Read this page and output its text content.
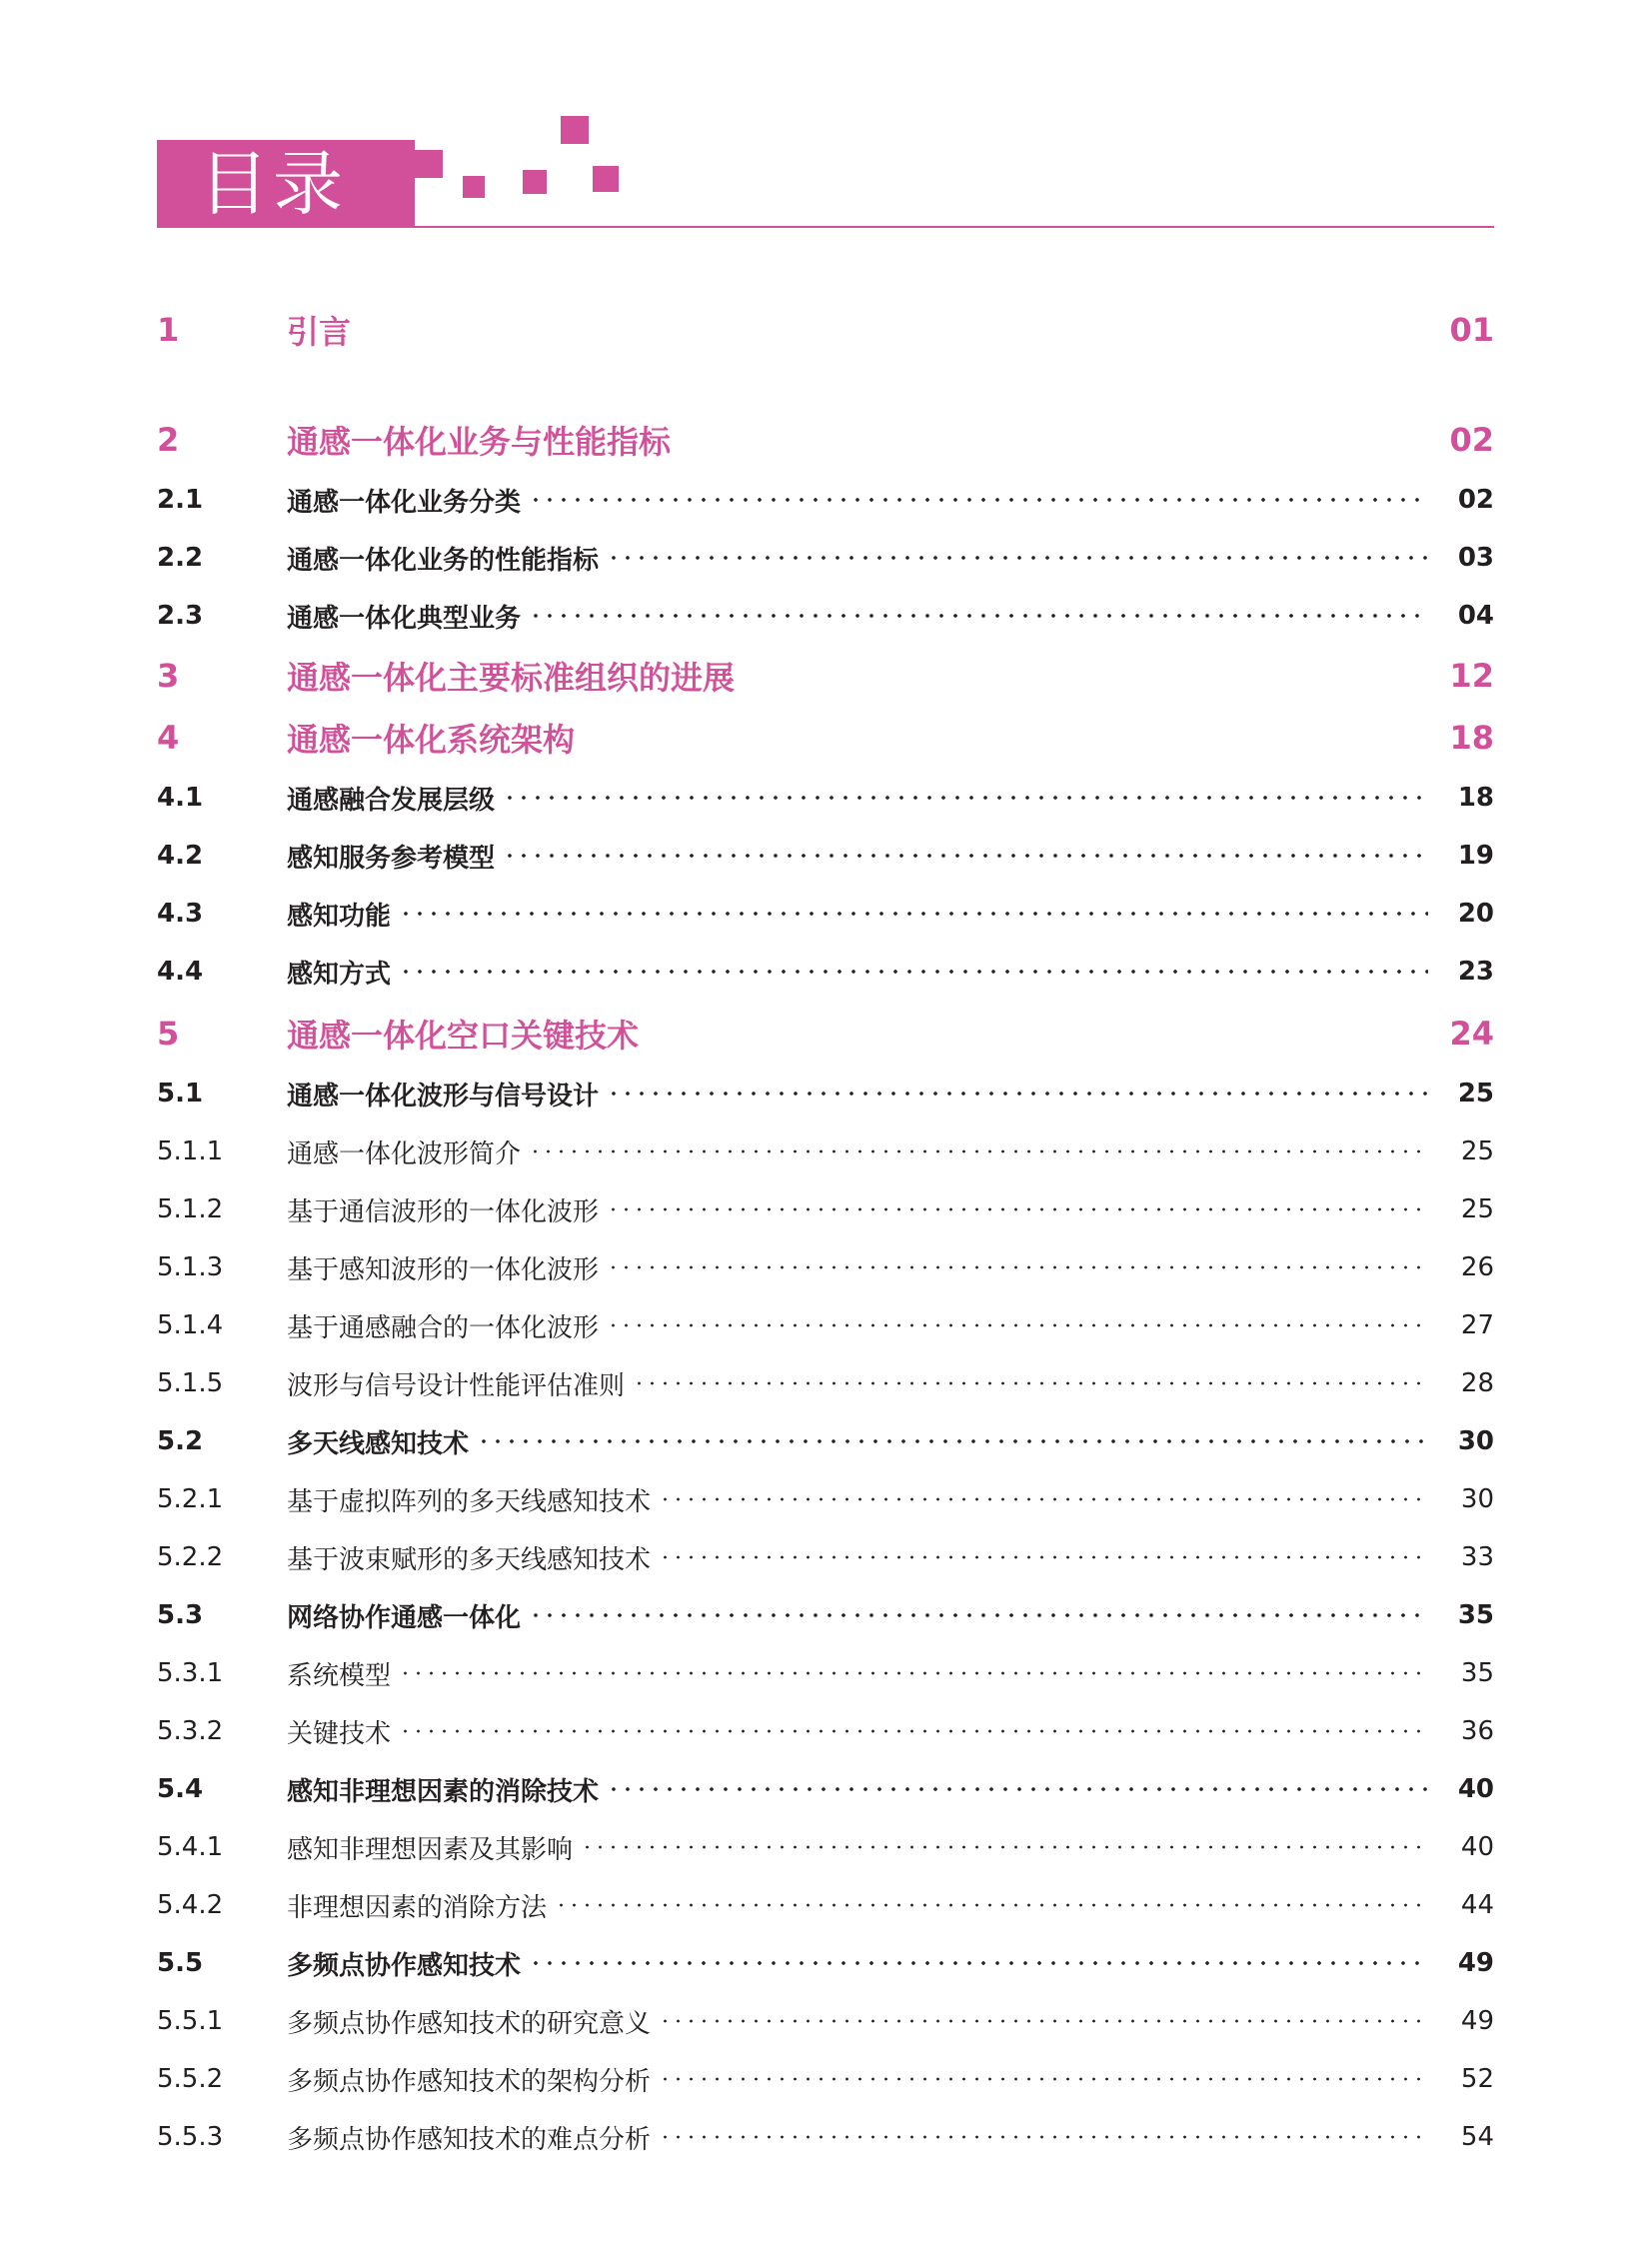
目录
1	引言	01
2	通感一体化业务与性能指标	02
2.1	通感一体化业务分类	02
2.2	通感一体化业务的性能指标	03
2.3	通感一体化典型业务	04
3	通感一体化主要标准组织的进展	12
4	通感一体化系统架构	18
4.1	通感融合发展层级	18
4.2	感知服务参考模型	19
4.3	感知功能	20
4.4	感知方式	23
5	通感一体化空口关键技术	24
5.1	通感一体化波形与信号设计	25
5.1.1	通感一体化波形简介	25
5.1.2	基于通信波形的一体化波形	25
5.1.3	基于感知波形的一体化波形	26
5.1.4	基于通感融合的一体化波形	27
5.1.5	波形与信号设计性能评估准则	28
5.2	多天线感知技术	30
5.2.1	基于虚拟阵列的多天线感知技术	30
5.2.2	基于波束赋形的多天线感知技术	33
5.3	网络协作通感一体化	35
5.3.1	系统模型	35
5.3.2	关键技术	36
5.4	感知非理想因素的消除技术	40
5.4.1	感知非理想因素及其影响	40
5.4.2	非理想因素的消除方法	44
5.5	多频点协作感知技术	49
5.5.1	多频点协作感知技术的研究意义	49
5.5.2	多频点协作感知技术的架构分析	52
5.5.3	多频点协作感知技术的难点分析	54
